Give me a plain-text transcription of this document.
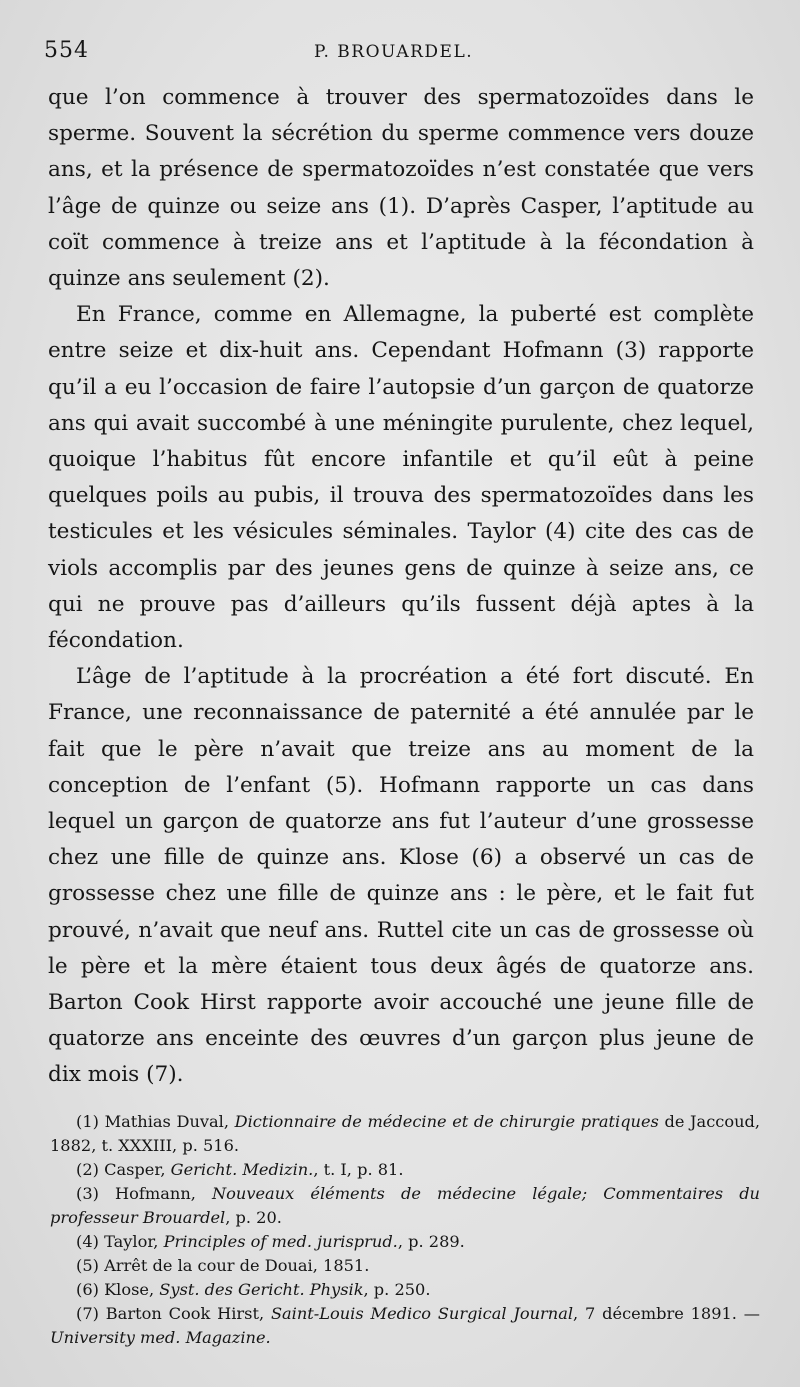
554	P. BROUARDEL.

que l’on commence à trouver des spermatozoïdes dans le sperme. Souvent la sécrétion du sperme commence vers douze ans, et la présence de spermatozoïdes n’est constatée que vers l’âge de quinze ou seize ans (1). D’après Casper, l’aptitude au coït commence à treize ans et l’aptitude à la fécondation à quinze ans seulement (2).

En France, comme en Allemagne, la puberté est complète entre seize et dix-huit ans. Cependant Hofmann (3) rapporte qu’il a eu l’occasion de faire l’autopsie d’un garçon de quatorze ans qui avait succombé à une méningite purulente, chez lequel, quoique l’habitus fût encore infantile et qu’il eût à peine quelques poils au pubis, il trouva des spermatozoïdes dans les testicules et les vésicules séminales. Taylor (4) cite des cas de viols accomplis par des jeunes gens de quinze à seize ans, ce qui ne prouve pas d’ailleurs qu’ils fussent déjà aptes à la fécondation.

L’âge de l’aptitude à la procréation a été fort discuté. En France, une reconnaissance de paternité a été annulée par le fait que le père n’avait que treize ans au moment de la conception de l’enfant (5). Hofmann rapporte un cas dans lequel un garçon de quatorze ans fut l’auteur d’une grossesse chez une fille de quinze ans. Klose (6) a observé un cas de grossesse chez une fille de quinze ans : le père, et le fait fut prouvé, n’avait que neuf ans. Ruttel cite un cas de grossesse où le père et la mère étaient tous deux âgés de quatorze ans. Barton Cook Hirst rapporte avoir accouché une jeune fille de quatorze ans enceinte des œuvres d’un garçon plus jeune de dix mois (7).

(1) Mathias Duval, Dictionnaire de médecine et de chirurgie pratiques de Jaccoud, 1882, t. XXXIII, p. 516.

(2) Casper, Gericht. Medizin., t. I, p. 81.

(3) Hofmann, Nouveaux éléments de médecine légale; Commentaires du professeur Brouardel, p. 20.

(4) Taylor, Principles of med. jurisprud., p. 289.

(5) Arrêt de la cour de Douai, 1851.

(6) Klose, Syst. des Gericht. Physik, p. 250.

(7) Barton Cook Hirst, Saint-Louis Medico Surgical Journal, 7 décembre 1891. — University med. Magazine.
